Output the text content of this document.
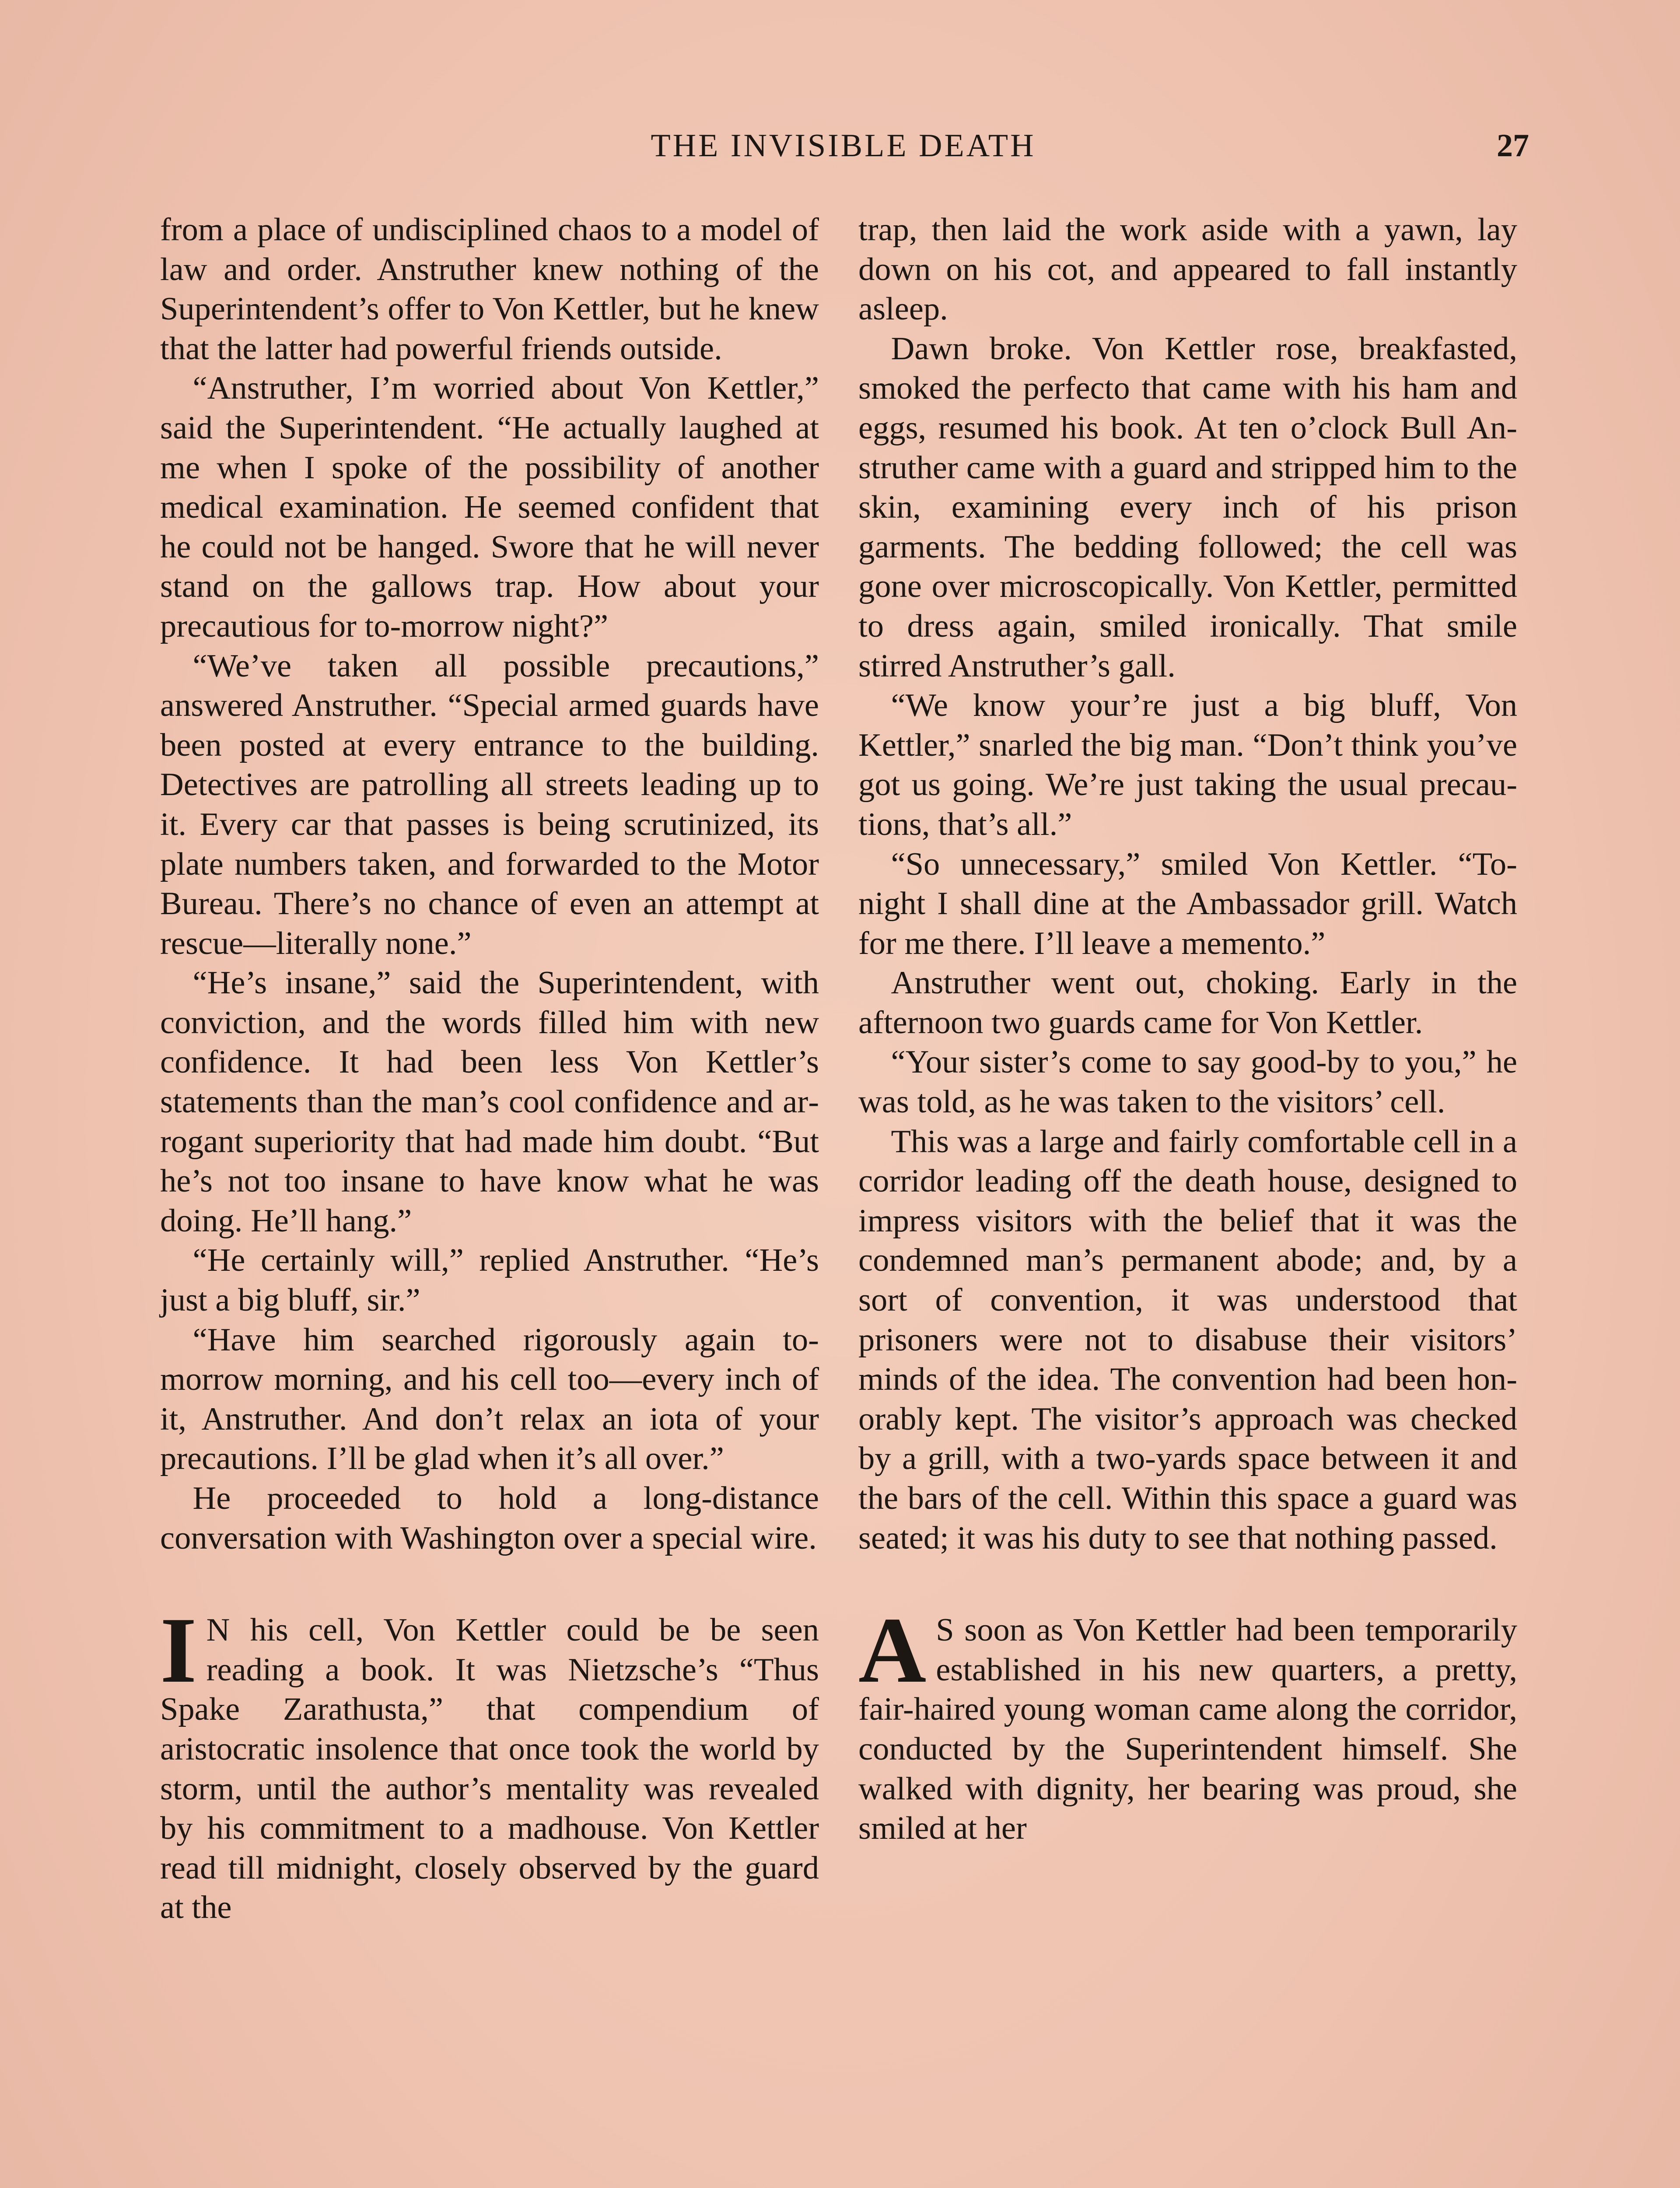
THE INVISIBLE DEATH	27

from a place of undisciplined chaos to a model of law and order. Anstruther knew nothing of the Superintendent’s offer to Von Kettler, but he knew that the latter had powerful friends outside.

“Anstruther, I’m worried about Von Kettler,” said the Superintendent. “He actually laughed at me when I spoke of the possibility of another medical examination. He seemed confident that he could not be hanged. Swore that he will never stand on the gallows trap. How about your precautious for to-morrow night?”

“We’ve taken all possible precautions,” answered Anstruther. “Special armed guards have been posted at every entrance to the building. Detectives are patrolling all streets leading up to it. Every car that passes is being scrutinized, its plate numbers taken, and forwarded to the Motor Bureau. There’s no chance of even an attempt at rescue—literally none.”

“He’s insane,” said the Superintendent, with conviction, and the words filled him with new confidence. It had been less Von Kettler’s statements than the man’s cool confidence and arrogant superiority that had made him doubt. “But he’s not too insane to have know what he was doing. He’ll hang.”

“He certainly will,” replied Anstruther. “He’s just a big bluff, sir.”

“Have him searched rigorously again to-morrow morning, and his cell too—every inch of it, Anstruther. And don’t relax an iota of your precautions. I’ll be glad when it’s all over.”

He proceeded to hold a long-distance conversation with Washington over a special wire.

I N his cell, Von Kettler could be be seen reading a book. It was Nietzsche’s “Thus Spake Zarathusta,” that compendium of aristocratic insolence that once took the world by storm, until the author’s mentality was revealed by his commitment to a madhouse. Von Kettler read till midnight, closely observed by the guard at the

trap, then laid the work aside with a yawn, lay down on his cot, and appeared to fall instantly asleep.

Dawn broke. Von Kettler rose, breakfasted, smoked the perfecto that came with his ham and eggs, resumed his book. At ten o’clock Bull Anstruther came with a guard and stripped him to the skin, examining every inch of his prison garments. The bedding followed; the cell was gone over microscopically. Von Kettler, permitted to dress again, smiled ironically. That smile stirred Anstruther’s gall.

“We know your’re just a big bluff, Von Kettler,” snarled the big man. “Don’t think you’ve got us going. We’re just taking the usual precautions, that’s all.”

“So unnecessary,” smiled Von Kettler. “To-night I shall dine at the Ambassador grill. Watch for me there. I’ll leave a memento.”

Anstruther went out, choking. Early in the afternoon two guards came for Von Kettler.

“Your sister’s come to say good-by to you,” he was told, as he was taken to the visitors’ cell.

This was a large and fairly comfortable cell in a corridor leading off the death house, designed to impress visitors with the belief that it was the condemned man’s permanent abode; and, by a sort of convention, it was understood that prisoners were not to disabuse their visitors’ minds of the idea. The convention had been honorably kept. The visitor’s approach was checked by a grill, with a two-yards space between it and the bars of the cell. Within this space a guard was seated; it was his duty to see that nothing passed.

A S soon as Von Kettler had been temporarily established in his new quarters, a pretty, fair-haired young woman came along the corridor, conducted by the Superintendent himself. She walked with dignity, her bearing was proud, she smiled at her
